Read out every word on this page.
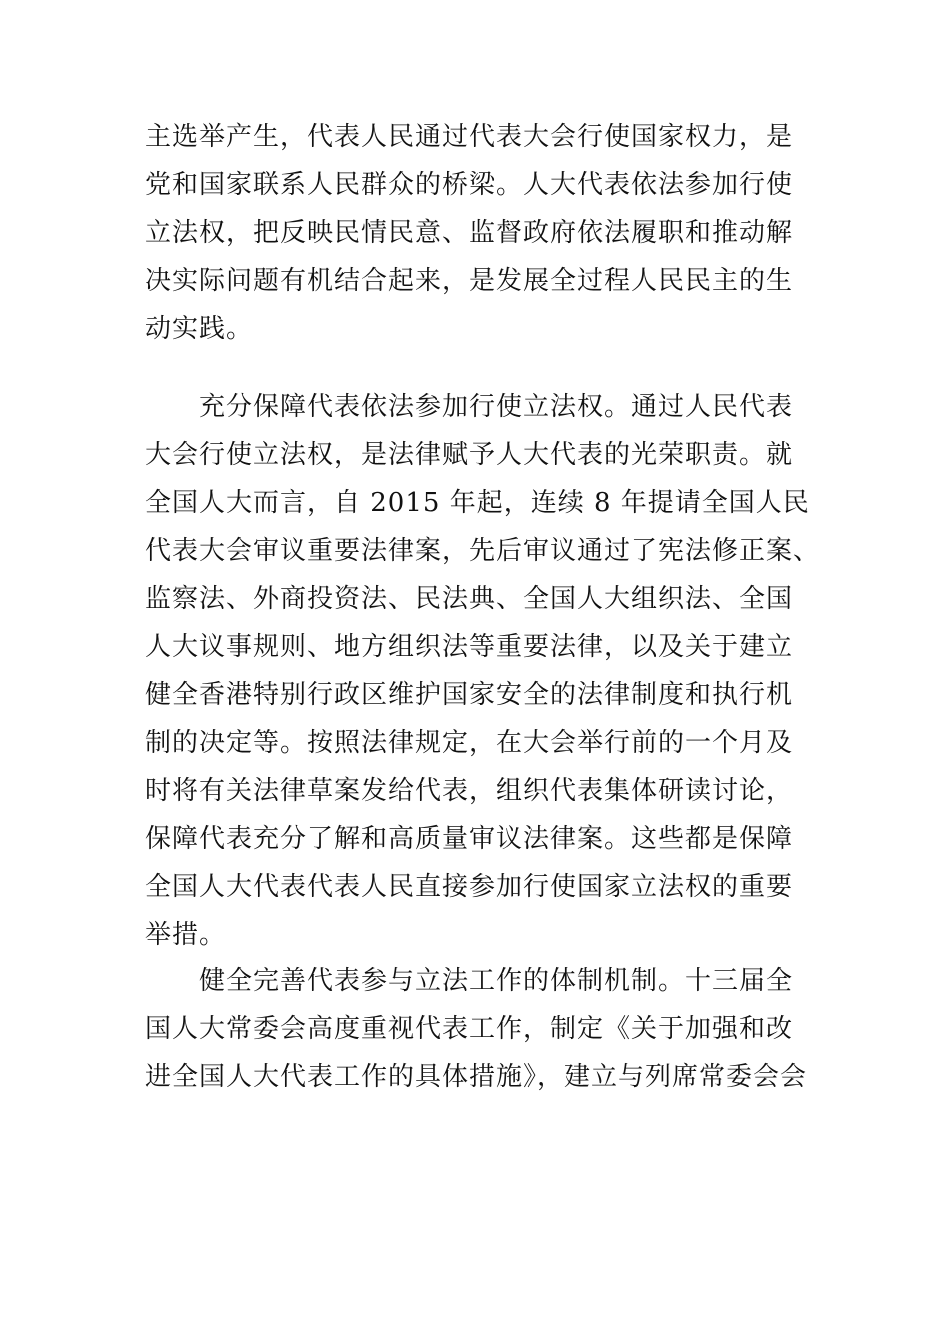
主选举产生，代表人民通过代表大会行使国家权力，是
党和国家联系人民群众的桥梁。人大代表依法参加行使
立法权，把反映民情民意、监督政府依法履职和推动解
决实际问题有机结合起来，是发展全过程人民民主的生
动实践。
　　充分保障代表依法参加行使立法权。通过人民代表
大会行使立法权，是法律赋予人大代表的光荣职责。就
全国人大而言，自 2015 年起，连续 8 年提请全国人民
代表大会审议重要法律案，先后审议通过了宪法修正案、
监察法、外商投资法、民法典、全国人大组织法、全国
人大议事规则、地方组织法等重要法律，以及关于建立
健全香港特别行政区维护国家安全的法律制度和执行机
制的决定等。按照法律规定，在大会举行前的一个月及
时将有关法律草案发给代表，组织代表集体研读讨论，
保障代表充分了解和高质量审议法律案。这些都是保障
全国人大代表代表人民直接参加行使国家立法权的重要
举措。
　　健全完善代表参与立法工作的体制机制。十三届全
国人大常委会高度重视代表工作，制定《关于加强和改
进全国人大代表工作的具体措施》，建立与列席常委会会
